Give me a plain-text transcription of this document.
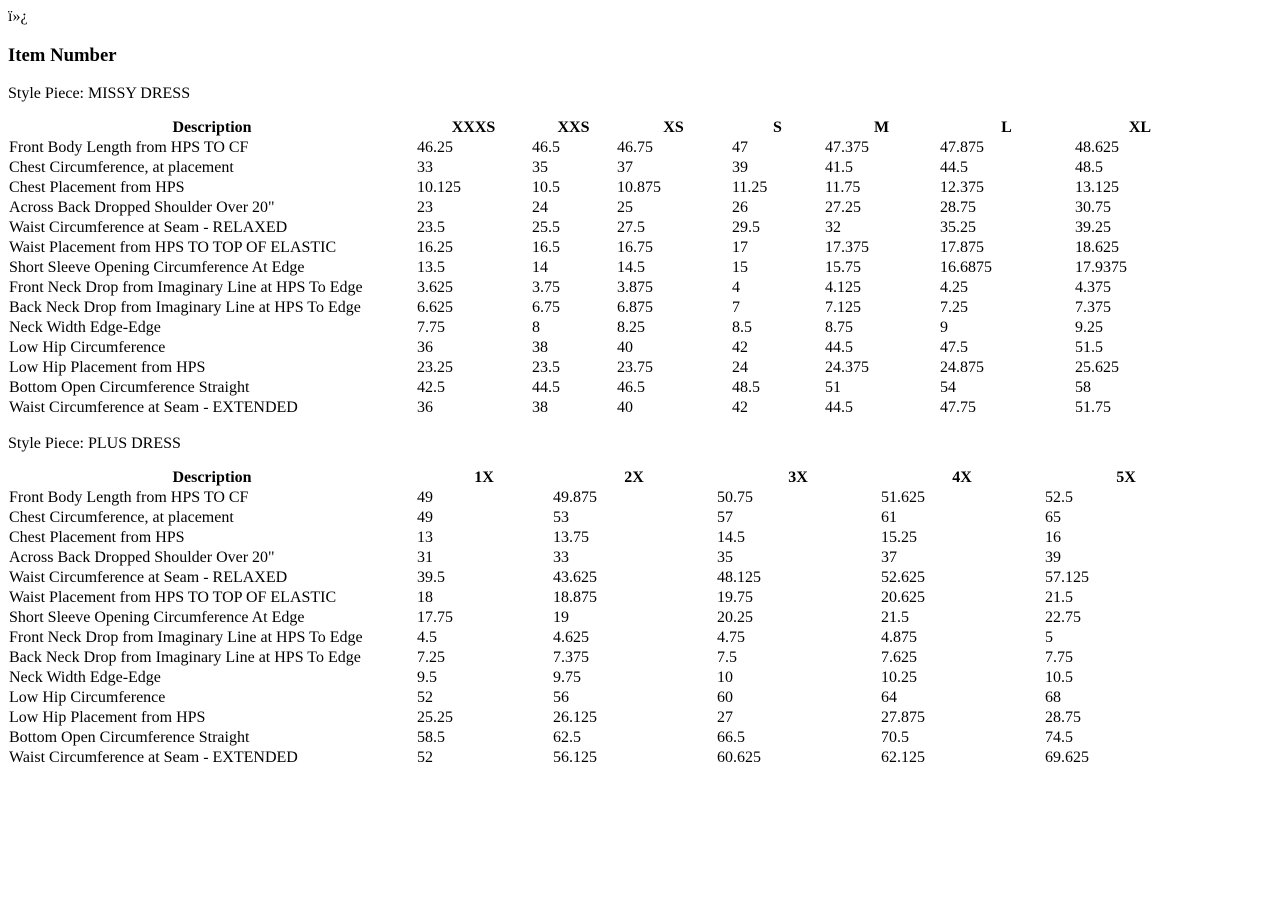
ï»¿
Item Number

Style Piece: MISSY DRESS

Description	XXXS	XXS	XS	S	M	L	XL
Front Body Length from HPS TO CF	46.25	46.5	46.75	47	47.375	47.875	48.625
Chest Circumference, at placement	33	35	37	39	41.5	44.5	48.5
Chest Placement from HPS	10.125	10.5	10.875	11.25	11.75	12.375	13.125
Across Back Dropped Shoulder Over 20"	23	24	25	26	27.25	28.75	30.75
Waist Circumference at Seam - RELAXED	23.5	25.5	27.5	29.5	32	35.25	39.25
Waist Placement from HPS TO TOP OF ELASTIC	16.25	16.5	16.75	17	17.375	17.875	18.625
Short Sleeve Opening Circumference At Edge	13.5	14	14.5	15	15.75	16.6875	17.9375
Front Neck Drop from Imaginary Line at HPS To Edge	3.625	3.75	3.875	4	4.125	4.25	4.375
Back Neck Drop from Imaginary Line at HPS To Edge	6.625	6.75	6.875	7	7.125	7.25	7.375
Neck Width Edge-Edge	7.75	8	8.25	8.5	8.75	9	9.25
Low Hip Circumference	36	38	40	42	44.5	47.5	51.5
Low Hip Placement from HPS	23.25	23.5	23.75	24	24.375	24.875	25.625
Bottom Open Circumference Straight	42.5	44.5	46.5	48.5	51	54	58
Waist Circumference at Seam - EXTENDED	36	38	40	42	44.5	47.75	51.75

Style Piece: PLUS DRESS

Description	1X	2X	3X	4X	5X
Front Body Length from HPS TO CF	49	49.875	50.75	51.625	52.5
Chest Circumference, at placement	49	53	57	61	65
Chest Placement from HPS	13	13.75	14.5	15.25	16
Across Back Dropped Shoulder Over 20"	31	33	35	37	39
Waist Circumference at Seam - RELAXED	39.5	43.625	48.125	52.625	57.125
Waist Placement from HPS TO TOP OF ELASTIC	18	18.875	19.75	20.625	21.5
Short Sleeve Opening Circumference At Edge	17.75	19	20.25	21.5	22.75
Front Neck Drop from Imaginary Line at HPS To Edge	4.5	4.625	4.75	4.875	5
Back Neck Drop from Imaginary Line at HPS To Edge	7.25	7.375	7.5	7.625	7.75
Neck Width Edge-Edge	9.5	9.75	10	10.25	10.5
Low Hip Circumference	52	56	60	64	68
Low Hip Placement from HPS	25.25	26.125	27	27.875	28.75
Bottom Open Circumference Straight	58.5	62.5	66.5	70.5	74.5
Waist Circumference at Seam - EXTENDED	52	56.125	60.625	62.125	69.625
